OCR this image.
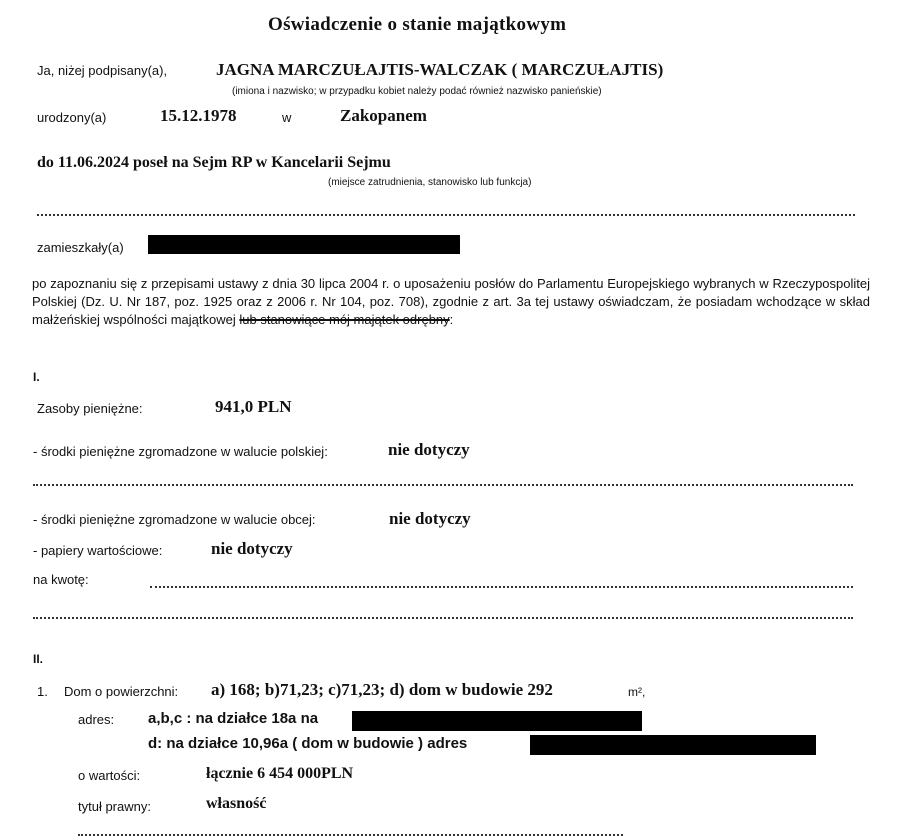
Oświadczenie o stanie majątkowym
Ja, niżej podpisany(a),	JAGNA MARCZUŁAJTIS-WALCZAK ( MARCZUŁAJTIS)
(imiona i nazwisko; w przypadku kobiet należy podać również nazwisko panieńskie)
urodzony(a)	15.12.1978	w	Zakopanem
do 11.06.2024 poseł na Sejm RP w Kancelarii Sejmu
(miejsce zatrudnienia, stanowisko lub funkcja)
zamieszkały(a)
po zapoznaniu się z przepisami ustawy z dnia 30 lipca 2004 r. o uposażeniu posłów do Parlamentu Europejskiego wybranych w Rzeczypospolitej Polskiej (Dz. U. Nr 187, poz. 1925 oraz z 2006 r. Nr 104, poz. 708), zgodnie z art. 3a tej ustawy oświadczam, że posiadam wchodzące w skład małżeńskiej wspólności majątkowej lub stanowiące mój majątek odrębny:
I.
Zasoby pieniężne:	941,0 PLN
- środki pieniężne zgromadzone w walucie polskiej:	nie dotyczy
- środki pieniężne zgromadzone w walucie obcej:	nie dotyczy
- papiery wartościowe:	nie dotyczy
na kwotę:
II.
1. Dom o powierzchni: a) 168; b)71,23; c)71,23; d) dom w budowie 292	m²,
adres: a,b,c : na działce 18a na
d: na działce 10,96a ( dom w budowie ) adres
o wartości:	łącznie 6 454 000PLN
tytuł prawny:	własność
